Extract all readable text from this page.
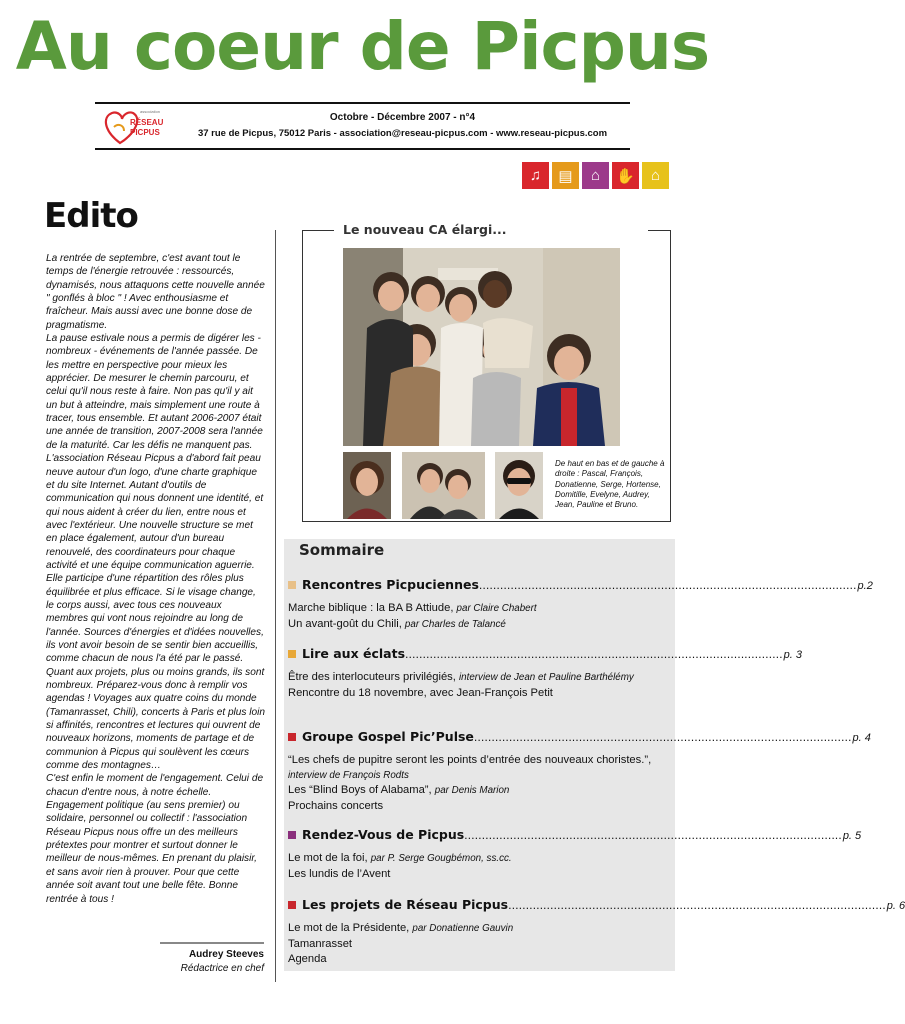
Au coeur de Picpus
association
RÉSEAU
PICPUS
Octobre - Décembre 2007 - n°4
37 rue de Picpus, 75012 Paris - association@reseau-picpus.com - www.reseau-picpus.com
♫	▤	⌂	✋	⌂
Edito

La rentrée de septembre, c'est avant tout le temps de l'énergie retrouvée : ressourcés, dynamisés, nous attaquons cette nouvelle année " gonflés à bloc " ! Avec enthousiasme et fraîcheur. Mais aussi avec une bonne dose de pragmatisme.

La pause estivale nous a permis de digérer les - nombreux - événements de l'année passée. De les mettre en perspective pour mieux les apprécier. De mesurer le chemin parcouru, et celui qu'il nous reste à faire. Non pas qu'il y ait un but à atteindre, mais simplement une route à tracer, tous ensemble. Et autant 2006-2007 était une année de transition, 2007-2008 sera l'année de la maturité. Car les défis ne manquent pas.

L'association Réseau Picpus a d'abord fait peau neuve autour d'un logo, d'une charte graphique et du site Internet. Autant d'outils de communication qui nous donnent une identité, et qui nous aident à créer du lien, entre nous et avec l'extérieur. Une nouvelle structure se met en place également, autour d'un bureau renouvelé, des coordinateurs pour chaque activité et une équipe communication aguerrie. Elle participe d'une répartition des rôles plus équilibrée et plus efficace. Si le visage change, le corps aussi, avec tous ces nouveaux membres qui vont nous rejoindre au long de l'année. Sources d'énergies et d'idées nouvelles, ils vont avoir besoin de se sentir bien accueillis, comme chacun de nous l'a été par le passé.

Quant aux projets, plus ou moins grands, ils sont nombreux. Préparez-vous donc à remplir vos agendas ! Voyages aux quatre coins du monde (Tamanrasset, Chili), concerts à Paris et plus loin si affinités, rencontres et lectures qui ouvrent de nouveaux horizons, moments de partage et de communion à Picpus qui soulèvent les cœurs comme des montagnes…

C'est enfin le moment de l'engagement. Celui de chacun d'entre nous, à notre échelle. Engagement politique (au sens premier) ou solidaire, personnel ou collectif : l'association Réseau Picpus nous offre un des meilleurs prétextes pour montrer et surtout donner le meilleur de nous-mêmes. En prenant du plaisir, et sans avoir rien à prouver. Pour que cette année soit avant tout une belle fête. Bonne rentrée à tous !

Audrey Steeves
Rédactrice en chef
Le nouveau CA élargi...
De haut en bas et de gauche à droite : Pascal, François, Donatienne, Serge, Hortense, Domitille, Evelyne, Audrey, Jean, Pauline et Bruno.
Sommaire
Rencontres Picpuciennes ............................................................................................................ p.2
Marche biblique : la BA B Attiude, par Claire Chabert
Un avant-goût du Chili, par Charles de Talancé
Lire aux éclats ............................................................................................................ p. 3
Être des interlocuteurs privilégiés, interview de Jean et Pauline Barthélémy
Rencontre du 18 novembre, avec Jean-François Petit
Groupe Gospel Pic’Pulse ............................................................................................................ p. 4
“Les chefs de pupitre seront les points d’entrée des nouveaux choristes.”, interview de François Rodts
Les “Blind Boys of Alabama”, par Denis Marion
Prochains concerts
Rendez-Vous de Picpus ............................................................................................................ p. 5
Le mot de la foi, par P. Serge Gougbémon, ss.cc.
Les lundis de l’Avent
Les projets de Réseau Picpus ............................................................................................................ p. 6
Le mot de la Présidente, par Donatienne Gauvin
Tamanrasset
Agenda
